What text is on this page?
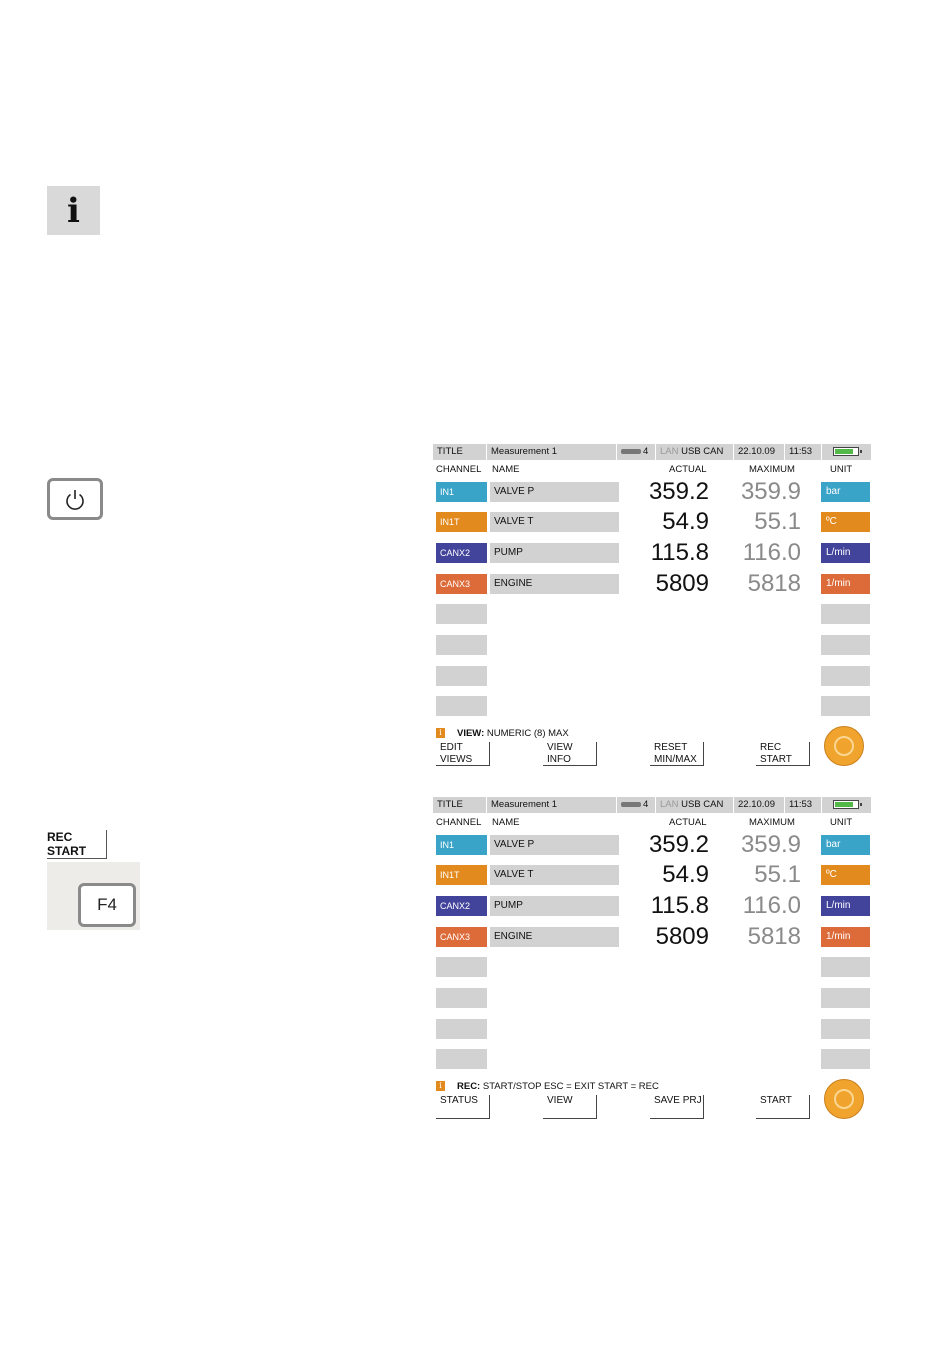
i
REC
START
F4
TITLE	Measurement 1	4	LAN USB CAN	22.10.09	11:53
CHANNEL NAME	ACTUAL	MAXIMUM	UNIT
IN1	VALVE P	359.2	359.9	bar
IN1T	VALVE T	54.9	55.1	ºC
CANX2	PUMP	115.8	116.0	L/min
CANX3	ENGINE	5809	5818	1/min
i VIEW: NUMERIC (8) MAX
EDIT
VIEWS
VIEW
INFO
RESET
MIN/MAX
REC
START
TITLE	Measurement 1	4	LAN USB CAN	22.10.09	11:53
CHANNEL NAME	ACTUAL	MAXIMUM	UNIT
IN1	VALVE P	359.2	359.9	bar
IN1T	VALVE T	54.9	55.1	ºC
CANX2	PUMP	115.8	116.0	L/min
CANX3	ENGINE	5809	5818	1/min
i REC: START/STOP ESC = EXIT START = REC
STATUS	VIEW	SAVE PRJ	START
